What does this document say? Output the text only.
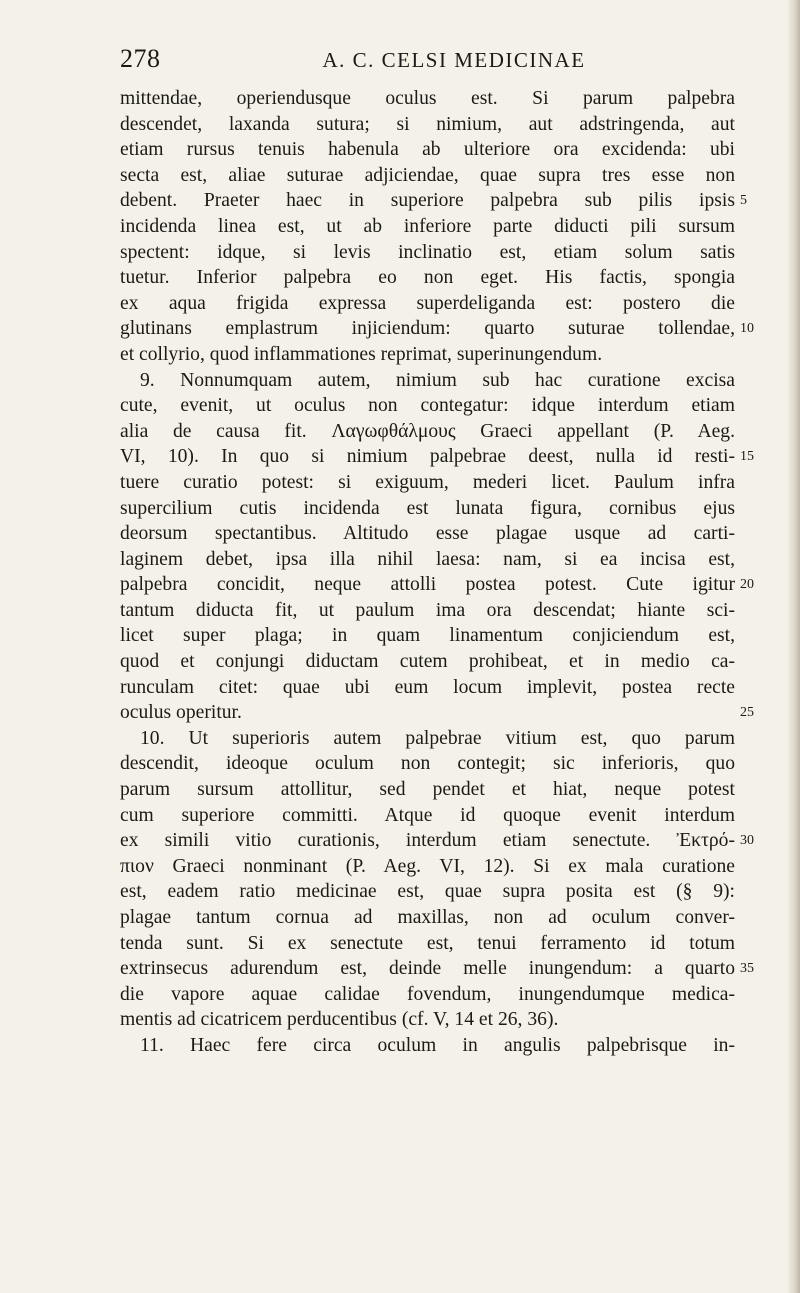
278	A. C. CELSI MEDICINAE
mittendae, operiendusque oculus est. Si parum palpebra
descendet, laxanda sutura; si nimium, aut adstringenda, aut
etiam rursus tenuis habenula ab ulteriore ora excidenda: ubi
secta est, aliae suturae adjiciendae, quae supra tres esse non
debent. Praeter haec in superiore palpebra sub pilis ipsis 5
incidenda linea est, ut ab inferiore parte diducti pili sursum
spectent: idque, si levis inclinatio est, etiam solum satis
tuetur. Inferior palpebra eo non eget. His factis, spongia
ex aqua frigida expressa superdeliganda est: postero die
glutinans emplastrum injiciendum: quarto suturae tollendae, 10
et collyrio, quod inflammationes reprimat, superinungendum.
9. Nonnumquam autem, nimium sub hac curatione excisa
cute, evenit, ut oculus non contegatur: idque interdum etiam
alia de causa fit. Λαγωφθάλμους Graeci appellant (P. Aeg.
VI, 10). In quo si nimium palpebrae deest, nulla id resti- 15
tuere curatio potest: si exiguum, mederi licet. Paulum infra
supercilium cutis incidenda est lunata figura, cornibus ejus
deorsum spectantibus. Altitudo esse plagae usque ad carti-
laginem debet, ipsa illa nihil laesa: nam, si ea incisa est,
palpebra concidit, neque attolli postea potest. Cute igitur 20
tantum diducta fit, ut paulum ima ora descendat; hiante sci-
licet super plaga; in quam linamentum conjiciendum est,
quod et conjungi diductam cutem prohibeat, et in medio ca-
runculam citet: quae ubi eum locum implevit, postea recte
oculus operitur.	25
10. Ut superioris autem palpebrae vitium est, quo parum
descendit, ideoque oculum non contegit; sic inferioris, quo
parum sursum attollitur, sed pendet et hiat, neque potest
cum superiore committi. Atque id quoque evenit interdum
ex simili vitio curationis, interdum etiam senectute. Ἐκτρό- 30
πιον Graeci nonminant (P. Aeg. VI, 12). Si ex mala curatione
est, eadem ratio medicinae est, quae supra posita est (§ 9):
plagae tantum cornua ad maxillas, non ad oculum conver-
tenda sunt. Si ex senectute est, tenui ferramento id totum
extrinsecus adurendum est, deinde melle inungendum: a quarto 35
die vapore aquae calidae fovendum, inungendumque medica-
mentis ad cicatricem perducentibus (cf. V, 14 et 26, 36).
11. Haec fere circa oculum in angulis palpebrisque in-
